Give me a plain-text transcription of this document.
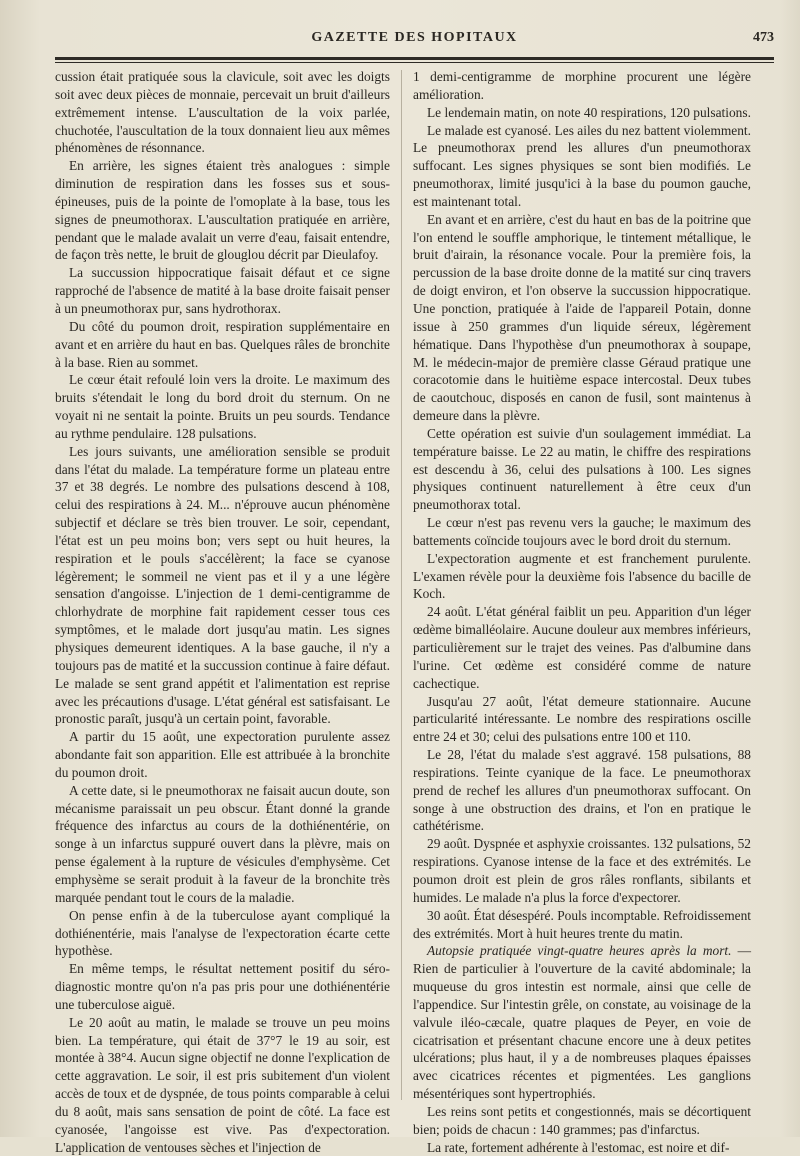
GAZETTE DES HOPITAUX	473

cussion était pratiquée sous la clavicule, soit avec les doigts soit avec deux pièces de monnaie, percevait un bruit d'ailleurs extrêmement intense. L'auscultation de la voix parlée, chuchotée, l'auscultation de la toux donnaient lieu aux mêmes phénomènes de résonnance.

En arrière, les signes étaient très analogues : simple diminution de respiration dans les fosses sus et sous-épineuses, puis de la pointe de l'omoplate à la base, tous les signes de pneumothorax. L'auscultation pratiquée en arrière, pendant que le malade avalait un verre d'eau, faisait entendre, de façon très nette, le bruit de glouglou décrit par Dieulafoy.

La succussion hippocratique faisait défaut et ce signe rapproché de l'absence de matité à la base droite faisait penser à un pneumothorax pur, sans hydrothorax.

Du côté du poumon droit, respiration supplémentaire en avant et en arrière du haut en bas. Quelques râles de bronchite à la base. Rien au sommet.

Le cœur était refoulé loin vers la droite. Le maximum des bruits s'étendait le long du bord droit du sternum. On ne voyait ni ne sentait la pointe. Bruits un peu sourds. Tendance au rythme pendulaire. 128 pulsations.

Les jours suivants, une amélioration sensible se produit dans l'état du malade. La température forme un plateau entre 37 et 38 degrés. Le nombre des pulsations descend à 108, celui des respirations à 24. M... n'éprouve aucun phénomène subjectif et déclare se très bien trouver. Le soir, cependant, l'état est un peu moins bon; vers sept ou huit heures, la respiration et le pouls s'accélèrent; la face se cyanose légèrement; le sommeil ne vient pas et il y a une légère sensation d'angoisse. L'injection de 1 demi-centigramme de chlorhydrate de morphine fait rapidement cesser tous ces symptômes, et le malade dort jusqu'au matin. Les signes physiques demeurent identiques. A la base gauche, il n'y a toujours pas de matité et la succussion continue à faire défaut. Le malade se sent grand appétit et l'alimentation est reprise avec les précautions d'usage. L'état général est satisfaisant. Le pronostic paraît, jusqu'à un certain point, favorable.

A partir du 15 août, une expectoration purulente assez abondante fait son apparition. Elle est attribuée à la bronchite du poumon droit.

A cette date, si le pneumothorax ne faisait aucun doute, son mécanisme paraissait un peu obscur. Étant donné la grande fréquence des infarctus au cours de la dothiénentérie, on songe à un infarctus suppuré ouvert dans la plèvre, mais on pense également à la rupture de vésicules d'emphysème. Cet emphysème se serait produit à la faveur de la bronchite très marquée pendant tout le cours de la maladie.

On pense enfin à de la tuberculose ayant compliqué la dothiénentérie, mais l'analyse de l'expectoration écarte cette hypothèse.

En même temps, le résultat nettement positif du séro-diagnostic montre qu'on n'a pas pris pour une dothiénentérie une tuberculose aiguë.

Le 20 août au matin, le malade se trouve un peu moins bien. La température, qui était de 37°7 le 19 au soir, est montée à 38°4. Aucun signe objectif ne donne l'explication de cette aggravation. Le soir, il est pris subitement d'un violent accès de toux et de dyspnée, de tous points comparable à celui du 8 août, mais sans sensation de point de côté. La face est cyanosée, l'angoisse est vive. Pas d'expectoration. L'application de ventouses sèches et l'injection de

1 demi-centigramme de morphine procurent une légère amélioration.

Le lendemain matin, on note 40 respirations, 120 pulsations.

Le malade est cyanosé. Les ailes du nez battent violemment. Le pneumothorax prend les allures d'un pneumothorax suffocant. Les signes physiques se sont bien modifiés. Le pneumothorax, limité jusqu'ici à la base du poumon gauche, est maintenant total.

En avant et en arrière, c'est du haut en bas de la poitrine que l'on entend le souffle amphorique, le tintement métallique, le bruit d'airain, la résonance vocale. Pour la première fois, la percussion de la base droite donne de la matité sur cinq travers de doigt environ, et l'on observe la succussion hippocratique. Une ponction, pratiquée à l'aide de l'appareil Potain, donne issue à 250 grammes d'un liquide séreux, légèrement hématique. Dans l'hypothèse d'un pneumothorax à soupape, M. le médecin-major de première classe Géraud pratique une coracotomie dans le huitième espace intercostal. Deux tubes de caoutchouc, disposés en canon de fusil, sont maintenus à demeure dans la plèvre.

Cette opération est suivie d'un soulagement immédiat. La température baisse. Le 22 au matin, le chiffre des respirations est descendu à 36, celui des pulsations à 100. Les signes physiques continuent naturellement à être ceux d'un pneumothorax total.

Le cœur n'est pas revenu vers la gauche; le maximum des battements coïncide toujours avec le bord droit du sternum.

L'expectoration augmente et est franchement purulente. L'examen révèle pour la deuxième fois l'absence du bacille de Koch.

24 août. L'état général faiblit un peu. Apparition d'un léger œdème bimalléolaire. Aucune douleur aux membres inférieurs, particulièrement sur le trajet des veines. Pas d'albumine dans l'urine. Cet œdème est considéré comme de nature cachectique.

Jusqu'au 27 août, l'état demeure stationnaire. Aucune particularité intéressante. Le nombre des respirations oscille entre 24 et 30; celui des pulsations entre 100 et 110.

Le 28, l'état du malade s'est aggravé. 158 pulsations, 88 respirations. Teinte cyanique de la face. Le pneumothorax prend de rechef les allures d'un pneumothorax suffocant. On songe à une obstruction des drains, et l'on en pratique le cathétérisme.

29 août. Dyspnée et asphyxie croissantes. 132 pulsations, 52 respirations. Cyanose intense de la face et des extrémités. Le poumon droit est plein de gros râles ronflants, sibilants et humides. Le malade n'a plus la force d'expectorer.

30 août. État désespéré. Pouls incomptable. Refroidissement des extrémités. Mort à huit heures trente du matin.

Autopsie pratiquée vingt-quatre heures après la mort. — Rien de particulier à l'ouverture de la cavité abdominale; la muqueuse du gros intestin est normale, ainsi que celle de l'appendice. Sur l'intestin grêle, on constate, au voisinage de la valvule iléo-cæcale, quatre plaques de Peyer, en voie de cicatrisation et présentant chacune encore une à deux petites ulcérations; plus haut, il y a de nombreuses plaques épaisses avec cicatrices récentes et pigmentées. Les ganglions mésentériques sont hypertrophiés.

Les reins sont petits et congestionnés, mais se décortiquent bien; poids de chacun : 140 grammes; pas d'infarctus.

La rate, fortement adhérente à l'estomac, est noire et dif-
